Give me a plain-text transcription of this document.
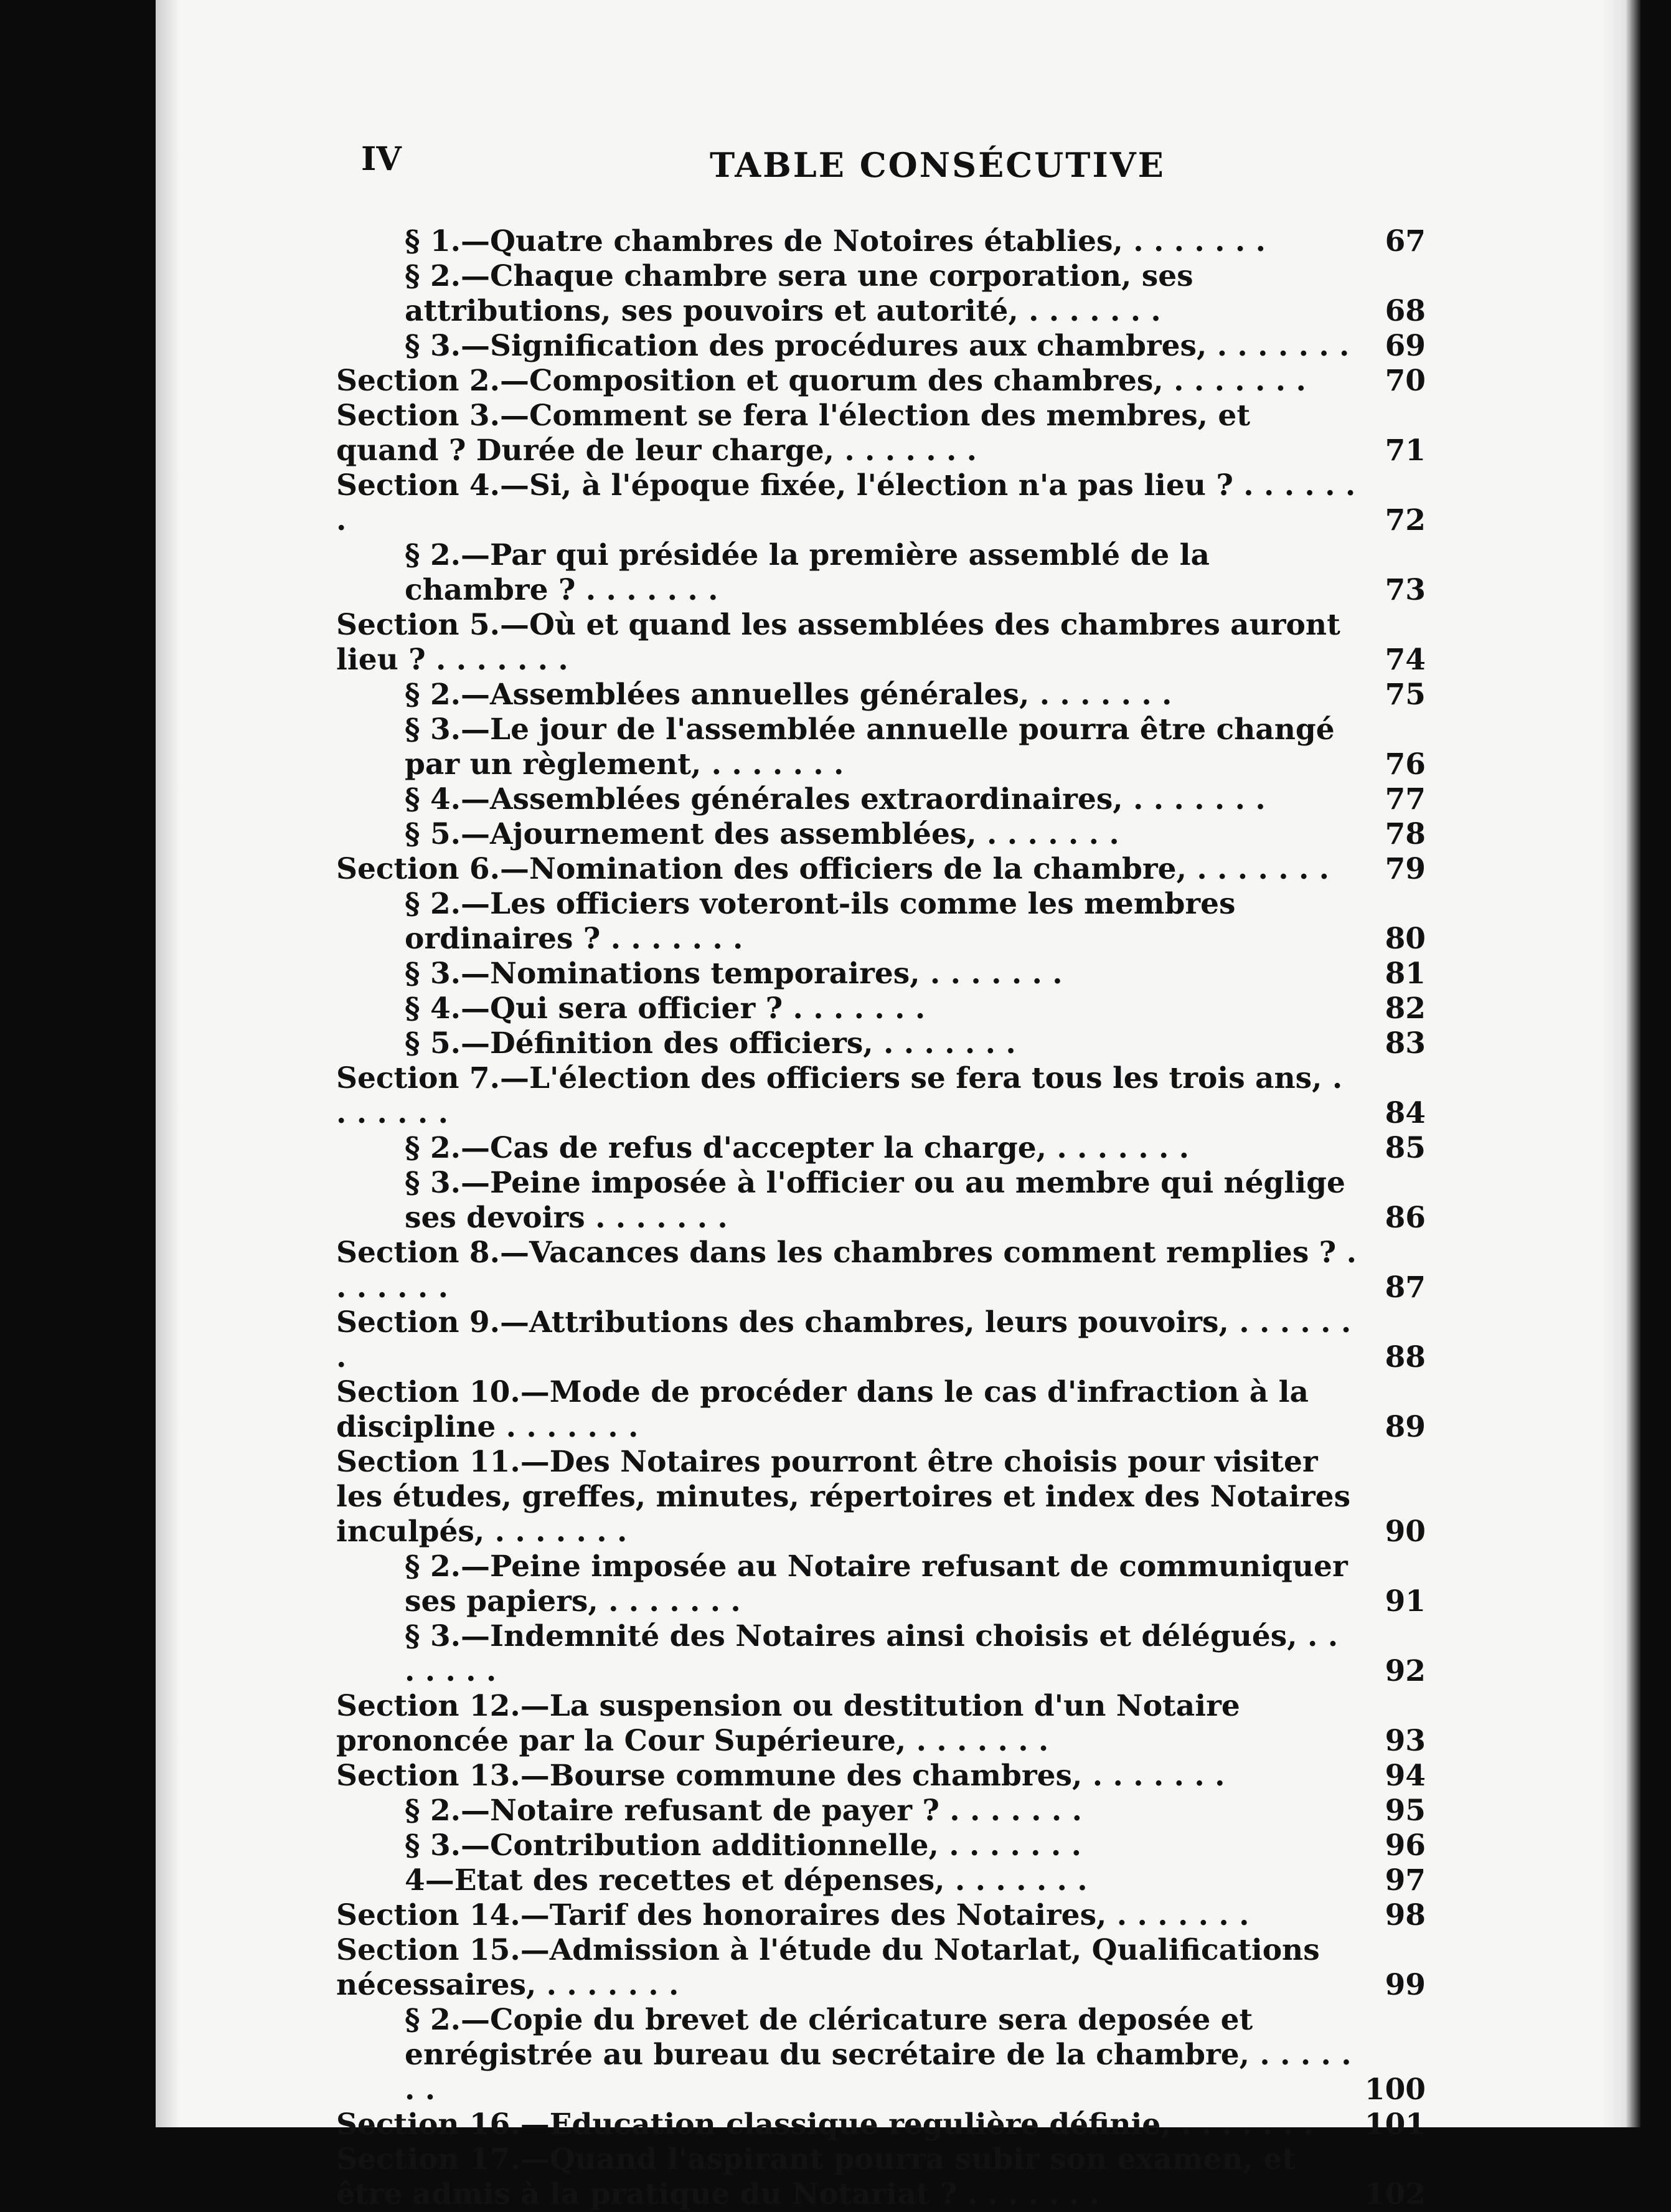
IV	TABLE CONSÉCUTIVE
§ 1.—Quatre chambres de Notoires établies, . . . . . . .	67
§ 2.—Chaque chambre sera une corporation, ses attributions, ses pouvoirs et autorité, . . . . . . .	68
§ 3.—Signification des procédures aux chambres, . . . . . . .	69
Section 2.—Composition et quorum des chambres, . . . . . . .	70
Section 3.—Comment se fera l'élection des membres, et quand ? Durée de leur charge, . . . . . . .	71
Section 4.—Si, à l'époque fixée, l'élection n'a pas lieu ? . . . . . . .	72
§ 2.—Par qui présidée la première assemblé de la chambre ? . . . . . . .	73
Section 5.—Où et quand les assemblées des chambres auront lieu ? . . . . . . .	74
§ 2.—Assemblées annuelles générales, . . . . . . .	75
§ 3.—Le jour de l'assemblée annuelle pourra être changé par un règlement, . . . . . . .	76
§ 4.—Assemblées générales extraordinaires, . . . . . . .	77
§ 5.—Ajournement des assemblées, . . . . . . .	78
Section 6.—Nomination des officiers de la chambre, . . . . . . .	79
§ 2.—Les officiers voteront-ils comme les membres ordinaires ? . . . . . . .	80
§ 3.—Nominations temporaires, . . . . . . .	81
§ 4.—Qui sera officier ? . . . . . . .	82
§ 5.—Définition des officiers, . . . . . . .	83
Section 7.—L'élection des officiers se fera tous les trois ans, . . . . . . .	84
§ 2.—Cas de refus d'accepter la charge, . . . . . . .	85
§ 3.—Peine imposée à l'officier ou au membre qui néglige ses devoirs . . . . . . .	86
Section 8.—Vacances dans les chambres comment remplies ? . . . . . . .	87
Section 9.—Attributions des chambres, leurs pouvoirs, . . . . . . .	88
Section 10.—Mode de procéder dans le cas d'infraction à la discipline . . . . . . .	89
Section 11.—Des Notaires pourront être choisis pour visiter les études, greffes, minutes, répertoires et index des Notaires inculpés, . . . . . . .	90
§ 2.—Peine imposée au Notaire refusant de communiquer ses papiers, . . . . . . .	91
§ 3.—Indemnité des Notaires ainsi choisis et délégués, . . . . . . .	92
Section 12.—La suspension ou destitution d'un Notaire prononcée par la Cour Supérieure, . . . . . . .	93
Section 13.—Bourse commune des chambres, . . . . . . .	94
§ 2.—Notaire refusant de payer ? . . . . . . .	95
§ 3.—Contribution additionnelle, . . . . . . .	96
4—Etat des recettes et dépenses, . . . . . . .	97
Section 14.—Tarif des honoraires des Notaires, . . . . . . .	98
Section 15.—Admission à l'étude du Notarlat, Qualifications nécessaires, . . . . . . .	99
§ 2.—Copie du brevet de cléricature sera deposée et enrégistrée au bureau du secrétaire de la chambre, . . . . . . .	100
Section 16.—Education classique regulière définie, . . . . . . .	101
Section 17.—Quand l'aspirant pourra subir son examen, et être admis à la pratique du Notariat ? . . . . . . .	102
